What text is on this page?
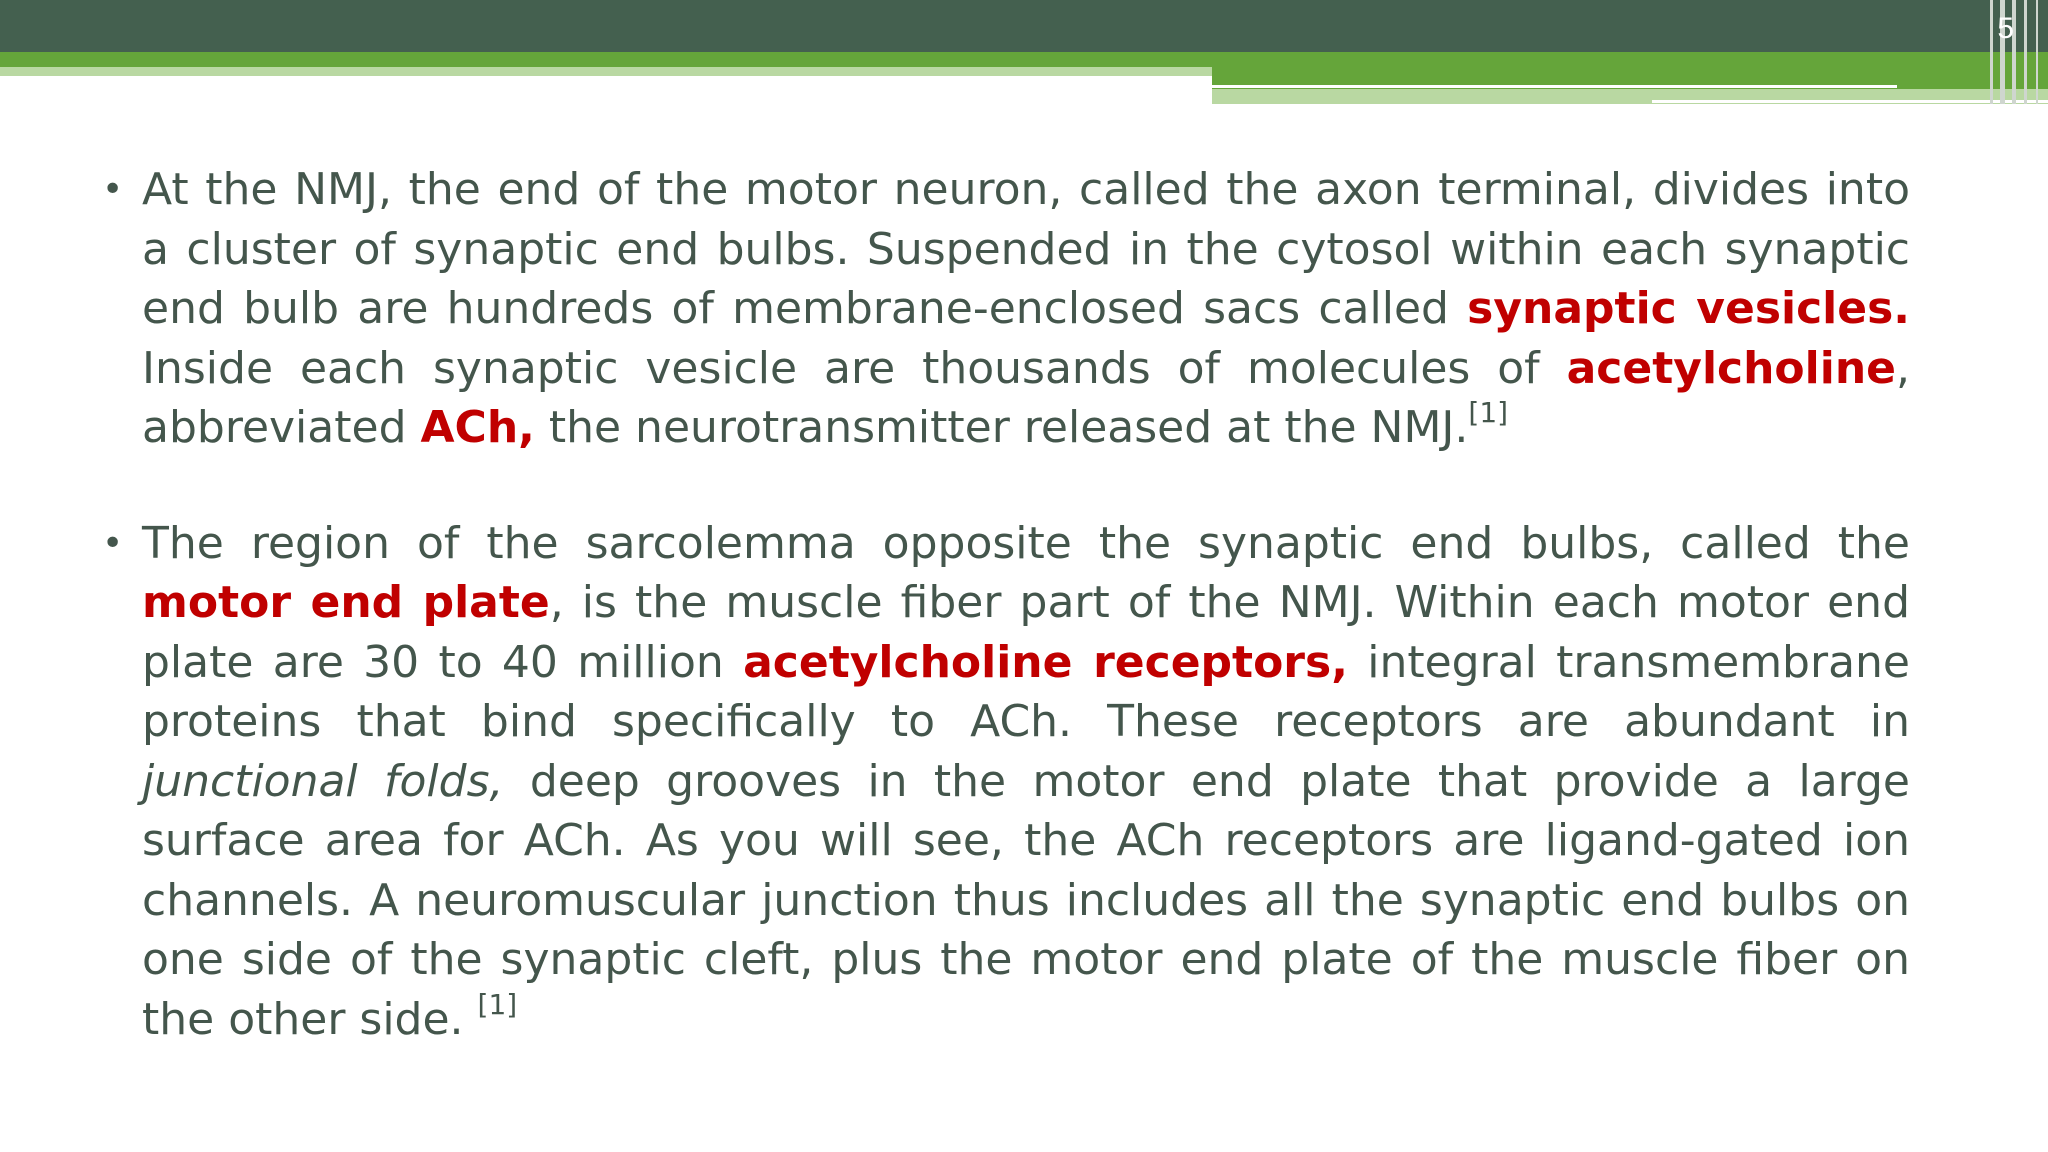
5
• At the NMJ, the end of the motor neuron, called the axon terminal, divides into a cluster of synaptic end bulbs. Suspended in the cytosol within each synaptic end bulb are hundreds of membrane-enclosed sacs called synaptic vesicles. Inside each synaptic vesicle are thousands of molecules of acetylcholine, abbreviated ACh, the neurotransmitter released at the NMJ.[1]
• The region of the sarcolemma opposite the synaptic end bulbs, called the motor end plate, is the muscle fiber part of the NMJ. Within each motor end plate are 30 to 40 million acetylcholine receptors, integral transmembrane proteins that bind specifically to ACh. These receptors are abundant in junctional folds, deep grooves in the motor end plate that provide a large surface area for ACh. As you will see, the ACh receptors are ligand-gated ion channels. A neuromuscular junction thus includes all the synaptic end bulbs on one side of the synaptic cleft, plus the motor end plate of the muscle fiber on the other side. [1]
